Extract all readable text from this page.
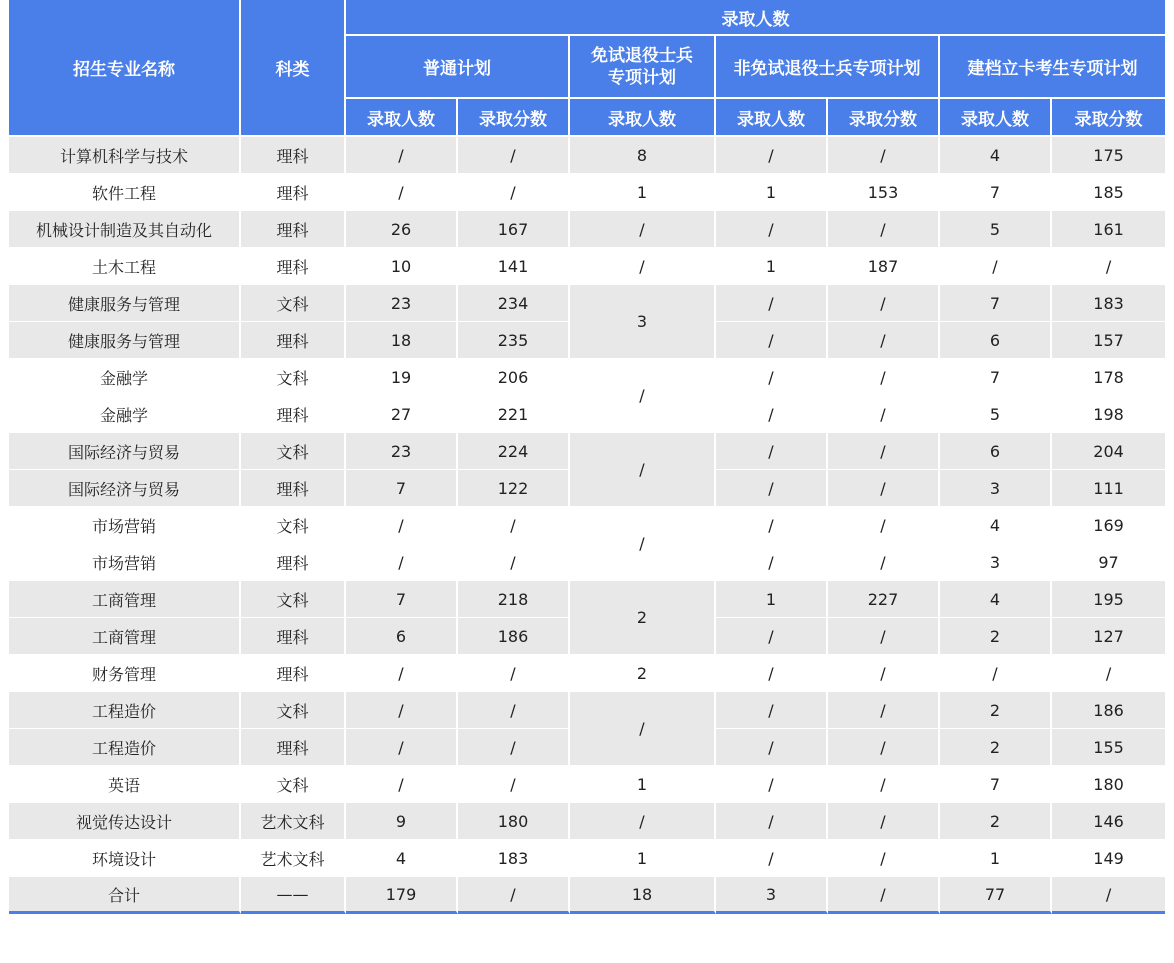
招生专业名称	科类	录取人数						
		普通计划		免试退役士兵专项计划	非免试退役士兵专项计划		建档立卡考生专项计划	
		录取人数	录取分数	录取人数	录取人数	录取分数	录取人数	录取分数
计算机科学与技术	理科	/	/	8	/	/	4	175
软件工程	理科	/	/	1	1	153	7	185
机械设计制造及其自动化	理科	26	167	/	/	/	5	161
土木工程	理科	10	141	/	1	187	/	/
健康服务与管理	文科	23	234	3	/	/	7	183
健康服务与管理	理科	18	235		/	/	6	157
金融学	文科	19	206	/	/	/	7	178
金融学	理科	27	221		/	/	5	198
国际经济与贸易	文科	23	224	/	/	/	6	204
国际经济与贸易	理科	7	122		/	/	3	111
市场营销	文科	/	/	/	/	/	4	169
市场营销	理科	/	/		/	/	3	97
工商管理	文科	7	218	2	1	227	4	195
工商管理	理科	6	186		/	/	2	127
财务管理	理科	/	/	2	/	/	/	/
工程造价	文科	/	/	/	/	/	2	186
工程造价	理科	/	/		/	/	2	155
英语	文科	/	/	1	/	/	7	180
视觉传达设计	艺术文科	9	180	/	/	/	2	146
环境设计	艺术文科	4	183	1	/	/	1	149
合计	——	179	/	18	3	/	77	/
